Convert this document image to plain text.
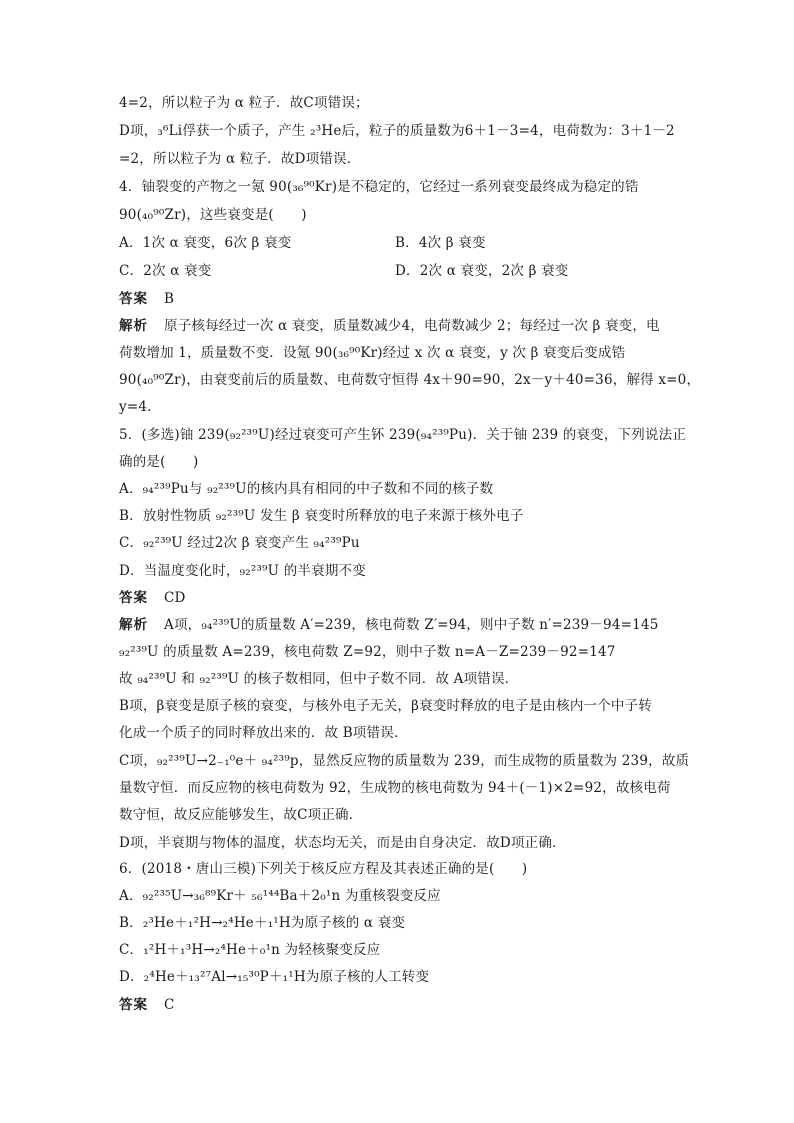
4=2，所以粒子为 α 粒子．故C项错误；
D项，₃⁶Li俘获一个质子，产生 ₂³He后，粒子的质量数为6＋1－3=4，电荷数为：3＋1－2
=2，所以粒子为 α 粒子．故D项错误．
4．铀裂变的产物之一氪 90(₃₆⁹⁰Kr)是不稳定的，它经过一系列衰变最终成为稳定的锆
90(₄₀⁹⁰Zr)，这些衰变是(　　)
A．1次 α 衰变，6次 β 衰变	B．4次 β 衰变
C．2次 α 衰变	D．2次 α 衰变，2次 β 衰变
答案 B
解析 原子核每经过一次 α 衰变，质量数减少4，电荷数减少 2；每经过一次 β 衰变，电
荷数增加 1，质量数不变．设氪 90(₃₆⁹⁰Kr)经过 x 次 α 衰变，y 次 β 衰变后变成锆
90(₄₀⁹⁰Zr)，由衰变前后的质量数、电荷数守恒得 4x＋90=90，2x－y＋40=36，解得 x=0，
y=4.
5．(多选)铀 239(₉₂²³⁹U)经过衰变可产生钚 239(₉₄²³⁹Pu)．关于铀 239 的衰变，下列说法正
确的是(　　)
A．₉₄²³⁹Pu与 ₉₂²³⁹U的核内具有相同的中子数和不同的核子数
B．放射性物质 ₉₂²³⁹U 发生 β 衰变时所释放的电子来源于核外电子
C．₉₂²³⁹U 经过2次 β 衰变产生 ₉₄²³⁹Pu
D．当温度变化时，₉₂²³⁹U 的半衰期不变
答案 CD
解析 A项，₉₄²³⁹U的质量数 A′=239，核电荷数 Z′=94，则中子数 n′=239－94=145
₉₂²³⁹U 的质量数 A=239，核电荷数 Z=92，则中子数 n=A－Z=239－92=147
故 ₉₄²³⁹U 和 ₉₂²³⁹U 的核子数相同，但中子数不同．故 A项错误．
B项，β衰变是原子核的衰变，与核外电子无关，β衰变时释放的电子是由核内一个中子转
化成一个质子的同时释放出来的．故 B项错误．
C项，₉₂²³⁹U→2₋₁⁰e＋ ₉₄²³⁹p，显然反应物的质量数为 239，而生成物的质量数为 239，故质
量数守恒．而反应物的核电荷数为 92，生成物的核电荷数为 94＋(－1)×2=92，故核电荷
数守恒，故反应能够发生，故C项正确．
D项，半衰期与物体的温度，状态均无关，而是由自身决定．故D项正确．
6．(2018・唐山三模)下列关于核反应方程及其表述正确的是(　　)
A．₉₂²³⁵U→₃₆⁸⁹Kr＋ ₅₆¹⁴⁴Ba＋2₀¹n 为重核裂变反应
B．₂³He＋₁²H→₂⁴He＋₁¹H为原子核的 α 衰变
C．₁²H＋₁³H→₂⁴He＋₀¹n 为轻核聚变反应
D．₂⁴He＋₁₃²⁷Al→₁₅³⁰P＋₁¹H为原子核的人工转变
答案 C
